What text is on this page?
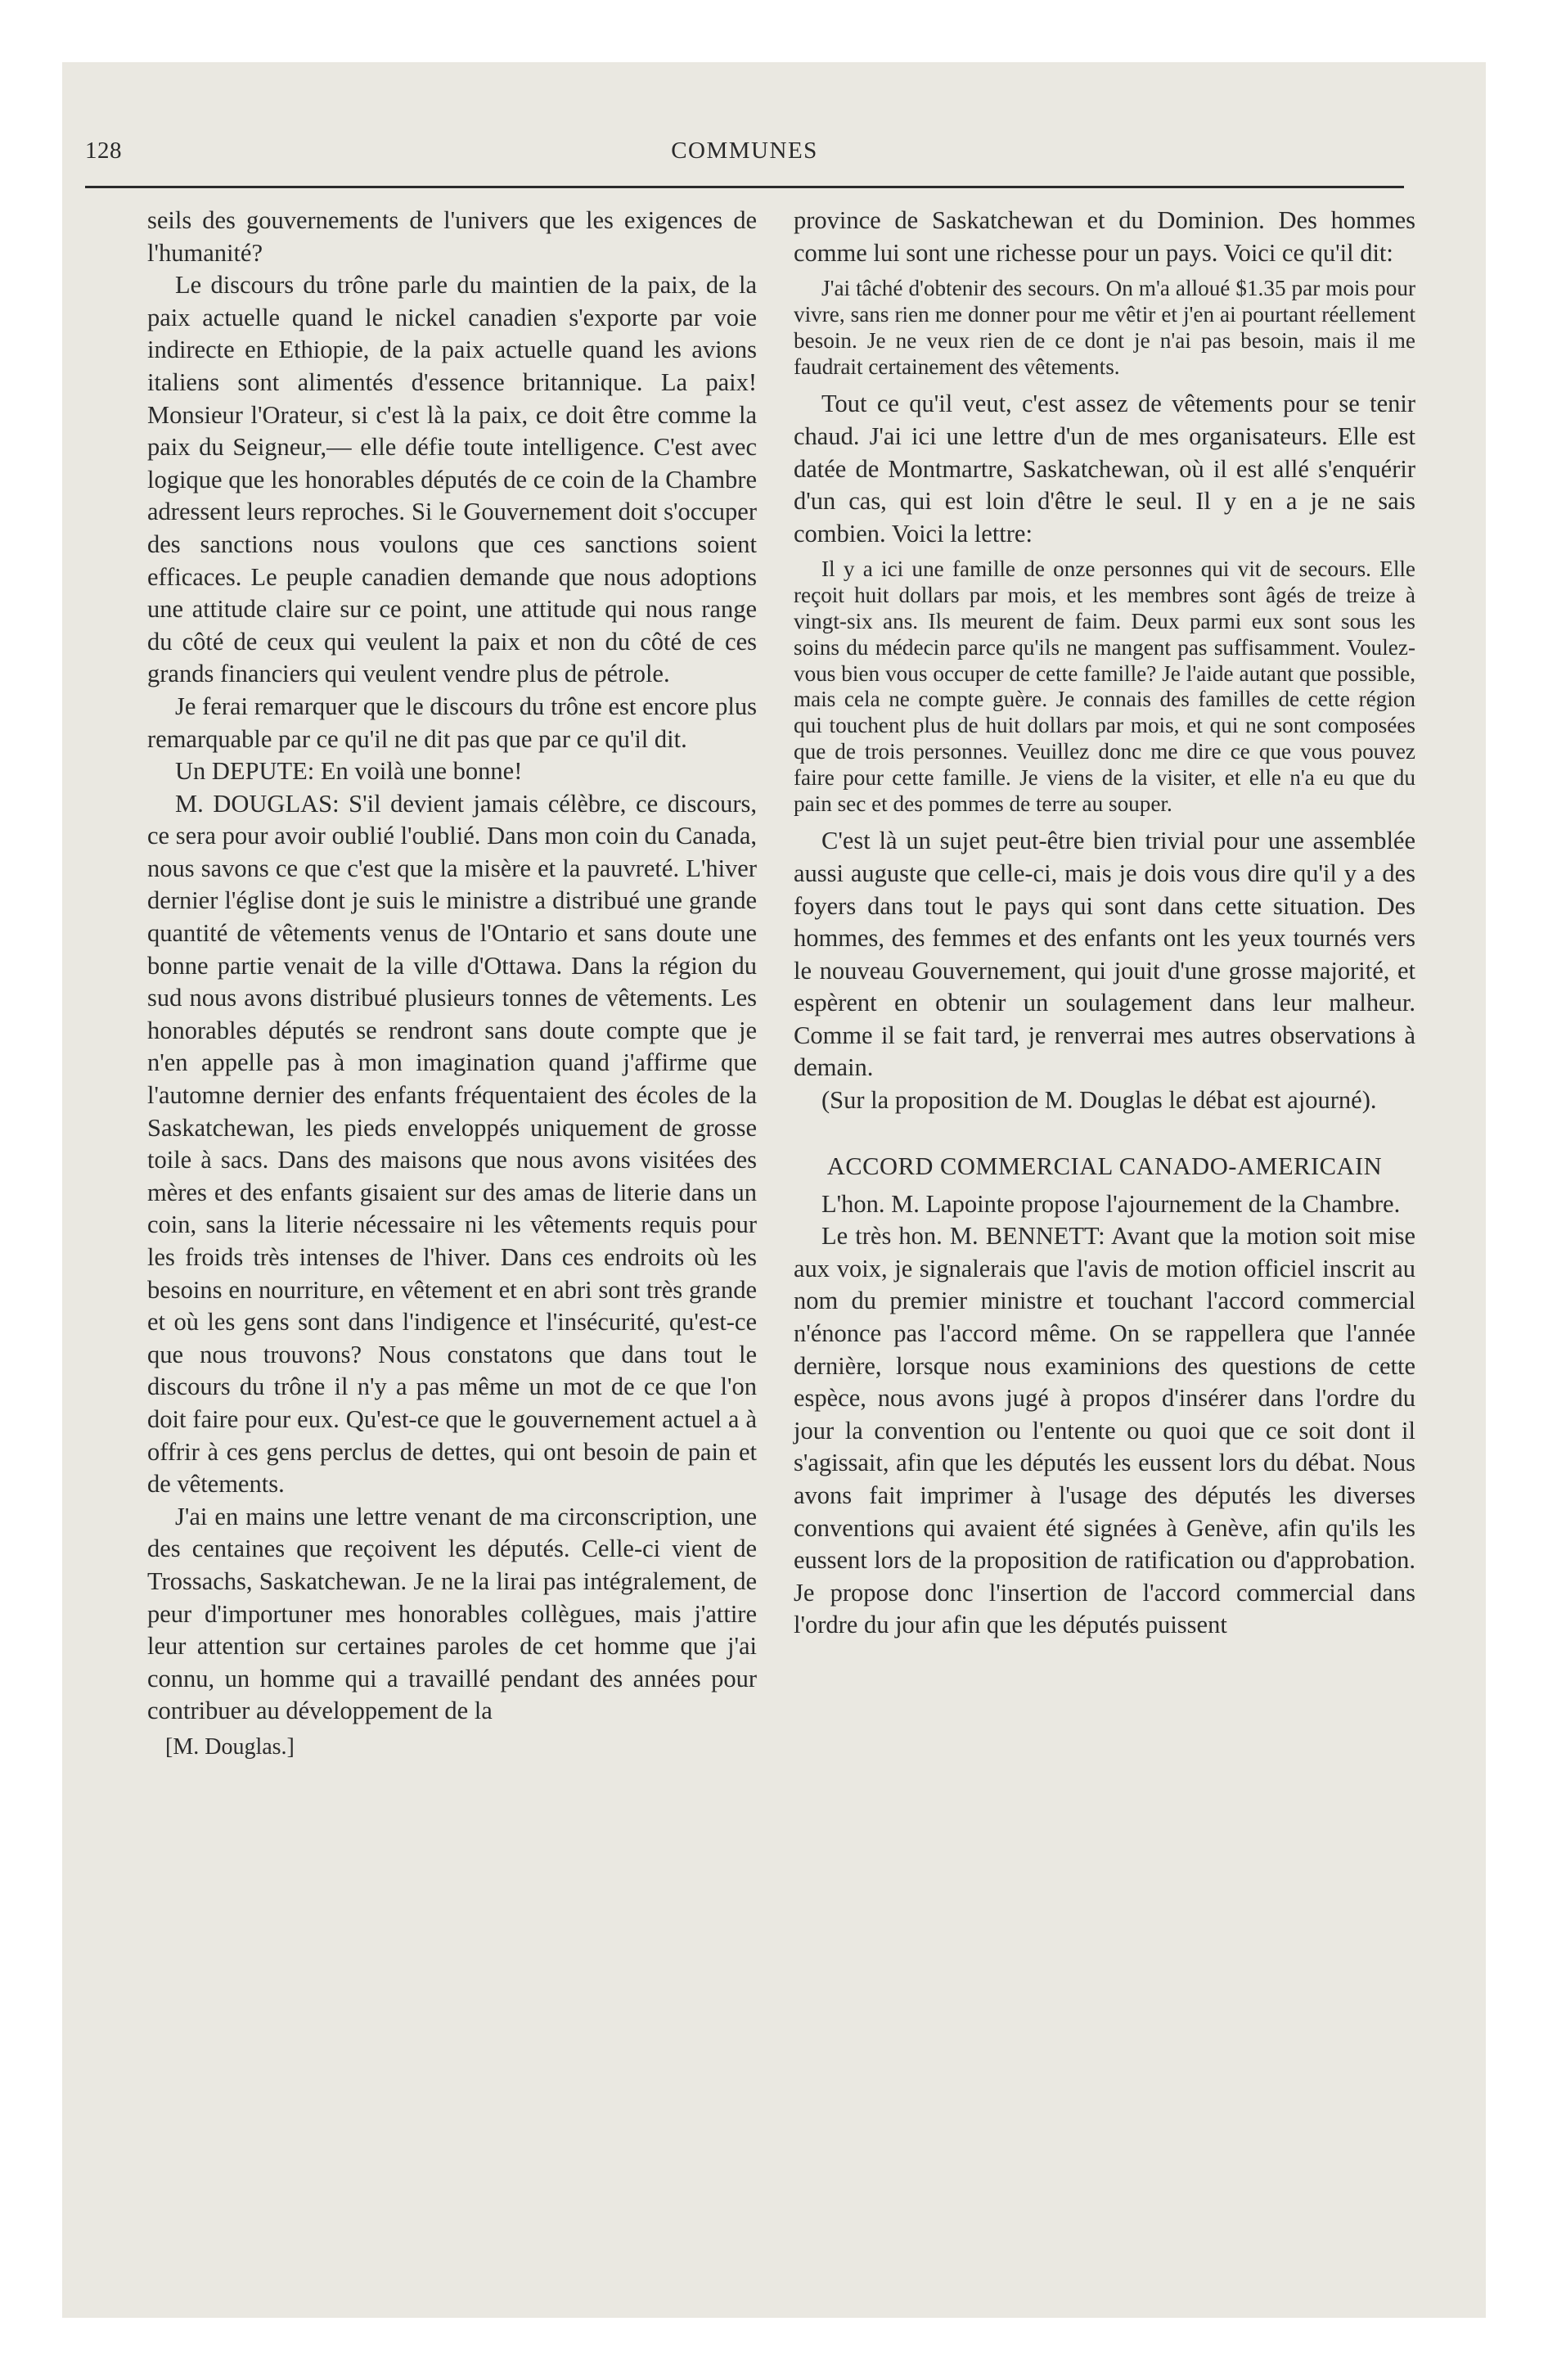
128	COMMUNES

seils des gouvernements de l'univers que les exigences de l'humanité?

Le discours du trône parle du maintien de la paix, de la paix actuelle quand le nickel canadien s'exporte par voie indirecte en Ethiopie, de la paix actuelle quand les avions italiens sont alimentés d'essence britannique. La paix! Monsieur l'Orateur, si c'est là la paix, ce doit être comme la paix du Seigneur,— elle défie toute intelligence. C'est avec logique que les honorables députés de ce coin de la Chambre adressent leurs reproches. Si le Gouvernement doit s'occuper des sanctions nous voulons que ces sanctions soient efficaces. Le peuple canadien demande que nous adoptions une attitude claire sur ce point, une attitude qui nous range du côté de ceux qui veulent la paix et non du côté de ces grands financiers qui veulent vendre plus de pétrole.

Je ferai remarquer que le discours du trône est encore plus remarquable par ce qu'il ne dit pas que par ce qu'il dit.

Un DEPUTE: En voilà une bonne!

M. DOUGLAS: S'il devient jamais célèbre, ce discours, ce sera pour avoir oublié l'oublié. Dans mon coin du Canada, nous savons ce que c'est que la misère et la pauvreté. L'hiver dernier l'église dont je suis le ministre a distribué une grande quantité de vêtements venus de l'Ontario et sans doute une bonne partie venait de la ville d'Ottawa. Dans la région du sud nous avons distribué plusieurs tonnes de vêtements. Les honorables députés se rendront sans doute compte que je n'en appelle pas à mon imagination quand j'affirme que l'automne dernier des enfants fréquentaient des écoles de la Saskatchewan, les pieds enveloppés uniquement de grosse toile à sacs. Dans des maisons que nous avons visitées des mères et des enfants gisaient sur des amas de literie dans un coin, sans la literie nécessaire ni les vêtements requis pour les froids très intenses de l'hiver. Dans ces endroits où les besoins en nourriture, en vêtement et en abri sont très grande et où les gens sont dans l'indigence et l'insécurité, qu'est-ce que nous trouvons? Nous constatons que dans tout le discours du trône il n'y a pas même un mot de ce que l'on doit faire pour eux. Qu'est-ce que le gouvernement actuel a à offrir à ces gens perclus de dettes, qui ont besoin de pain et de vêtements.

J'ai en mains une lettre venant de ma circonscription, une des centaines que reçoivent les députés. Celle-ci vient de Trossachs, Saskatchewan. Je ne la lirai pas intégralement, de peur d'importuner mes honorables collègues, mais j'attire leur attention sur certaines paroles de cet homme que j'ai connu, un homme qui a travaillé pendant des années pour contribuer au développement de la

[M. Douglas.]

province de Saskatchewan et du Dominion. Des hommes comme lui sont une richesse pour un pays. Voici ce qu'il dit:

J'ai tâché d'obtenir des secours. On m'a alloué $1.35 par mois pour vivre, sans rien me donner pour me vêtir et j'en ai pourtant réellement besoin. Je ne veux rien de ce dont je n'ai pas besoin, mais il me faudrait certainement des vêtements.

Tout ce qu'il veut, c'est assez de vêtements pour se tenir chaud. J'ai ici une lettre d'un de mes organisateurs. Elle est datée de Montmartre, Saskatchewan, où il est allé s'enquérir d'un cas, qui est loin d'être le seul. Il y en a je ne sais combien. Voici la lettre:

Il y a ici une famille de onze personnes qui vit de secours. Elle reçoit huit dollars par mois, et les membres sont âgés de treize à vingt-six ans. Ils meurent de faim. Deux parmi eux sont sous les soins du médecin parce qu'ils ne mangent pas suffisamment. Voulez-vous bien vous occuper de cette famille? Je l'aide autant que possible, mais cela ne compte guère. Je connais des familles de cette région qui touchent plus de huit dollars par mois, et qui ne sont composées que de trois personnes. Veuillez donc me dire ce que vous pouvez faire pour cette famille. Je viens de la visiter, et elle n'a eu que du pain sec et des pommes de terre au souper.

C'est là un sujet peut-être bien trivial pour une assemblée aussi auguste que celle-ci, mais je dois vous dire qu'il y a des foyers dans tout le pays qui sont dans cette situation. Des hommes, des femmes et des enfants ont les yeux tournés vers le nouveau Gouvernement, qui jouit d'une grosse majorité, et espèrent en obtenir un soulagement dans leur malheur. Comme il se fait tard, je renverrai mes autres observations à demain.

(Sur la proposition de M. Douglas le débat est ajourné).

ACCORD COMMERCIAL CANADO-AMERICAIN

L'hon. M. Lapointe propose l'ajournement de la Chambre.

Le très hon. M. BENNETT: Avant que la motion soit mise aux voix, je signalerais que l'avis de motion officiel inscrit au nom du premier ministre et touchant l'accord commercial n'énonce pas l'accord même. On se rappellera que l'année dernière, lorsque nous examinions des questions de cette espèce, nous avons jugé à propos d'insérer dans l'ordre du jour la convention ou l'entente ou quoi que ce soit dont il s'agissait, afin que les députés les eussent lors du débat. Nous avons fait imprimer à l'usage des députés les diverses conventions qui avaient été signées à Genève, afin qu'ils les eussent lors de la proposition de ratification ou d'approbation. Je propose donc l'insertion de l'accord commercial dans l'ordre du jour afin que les députés puissent
